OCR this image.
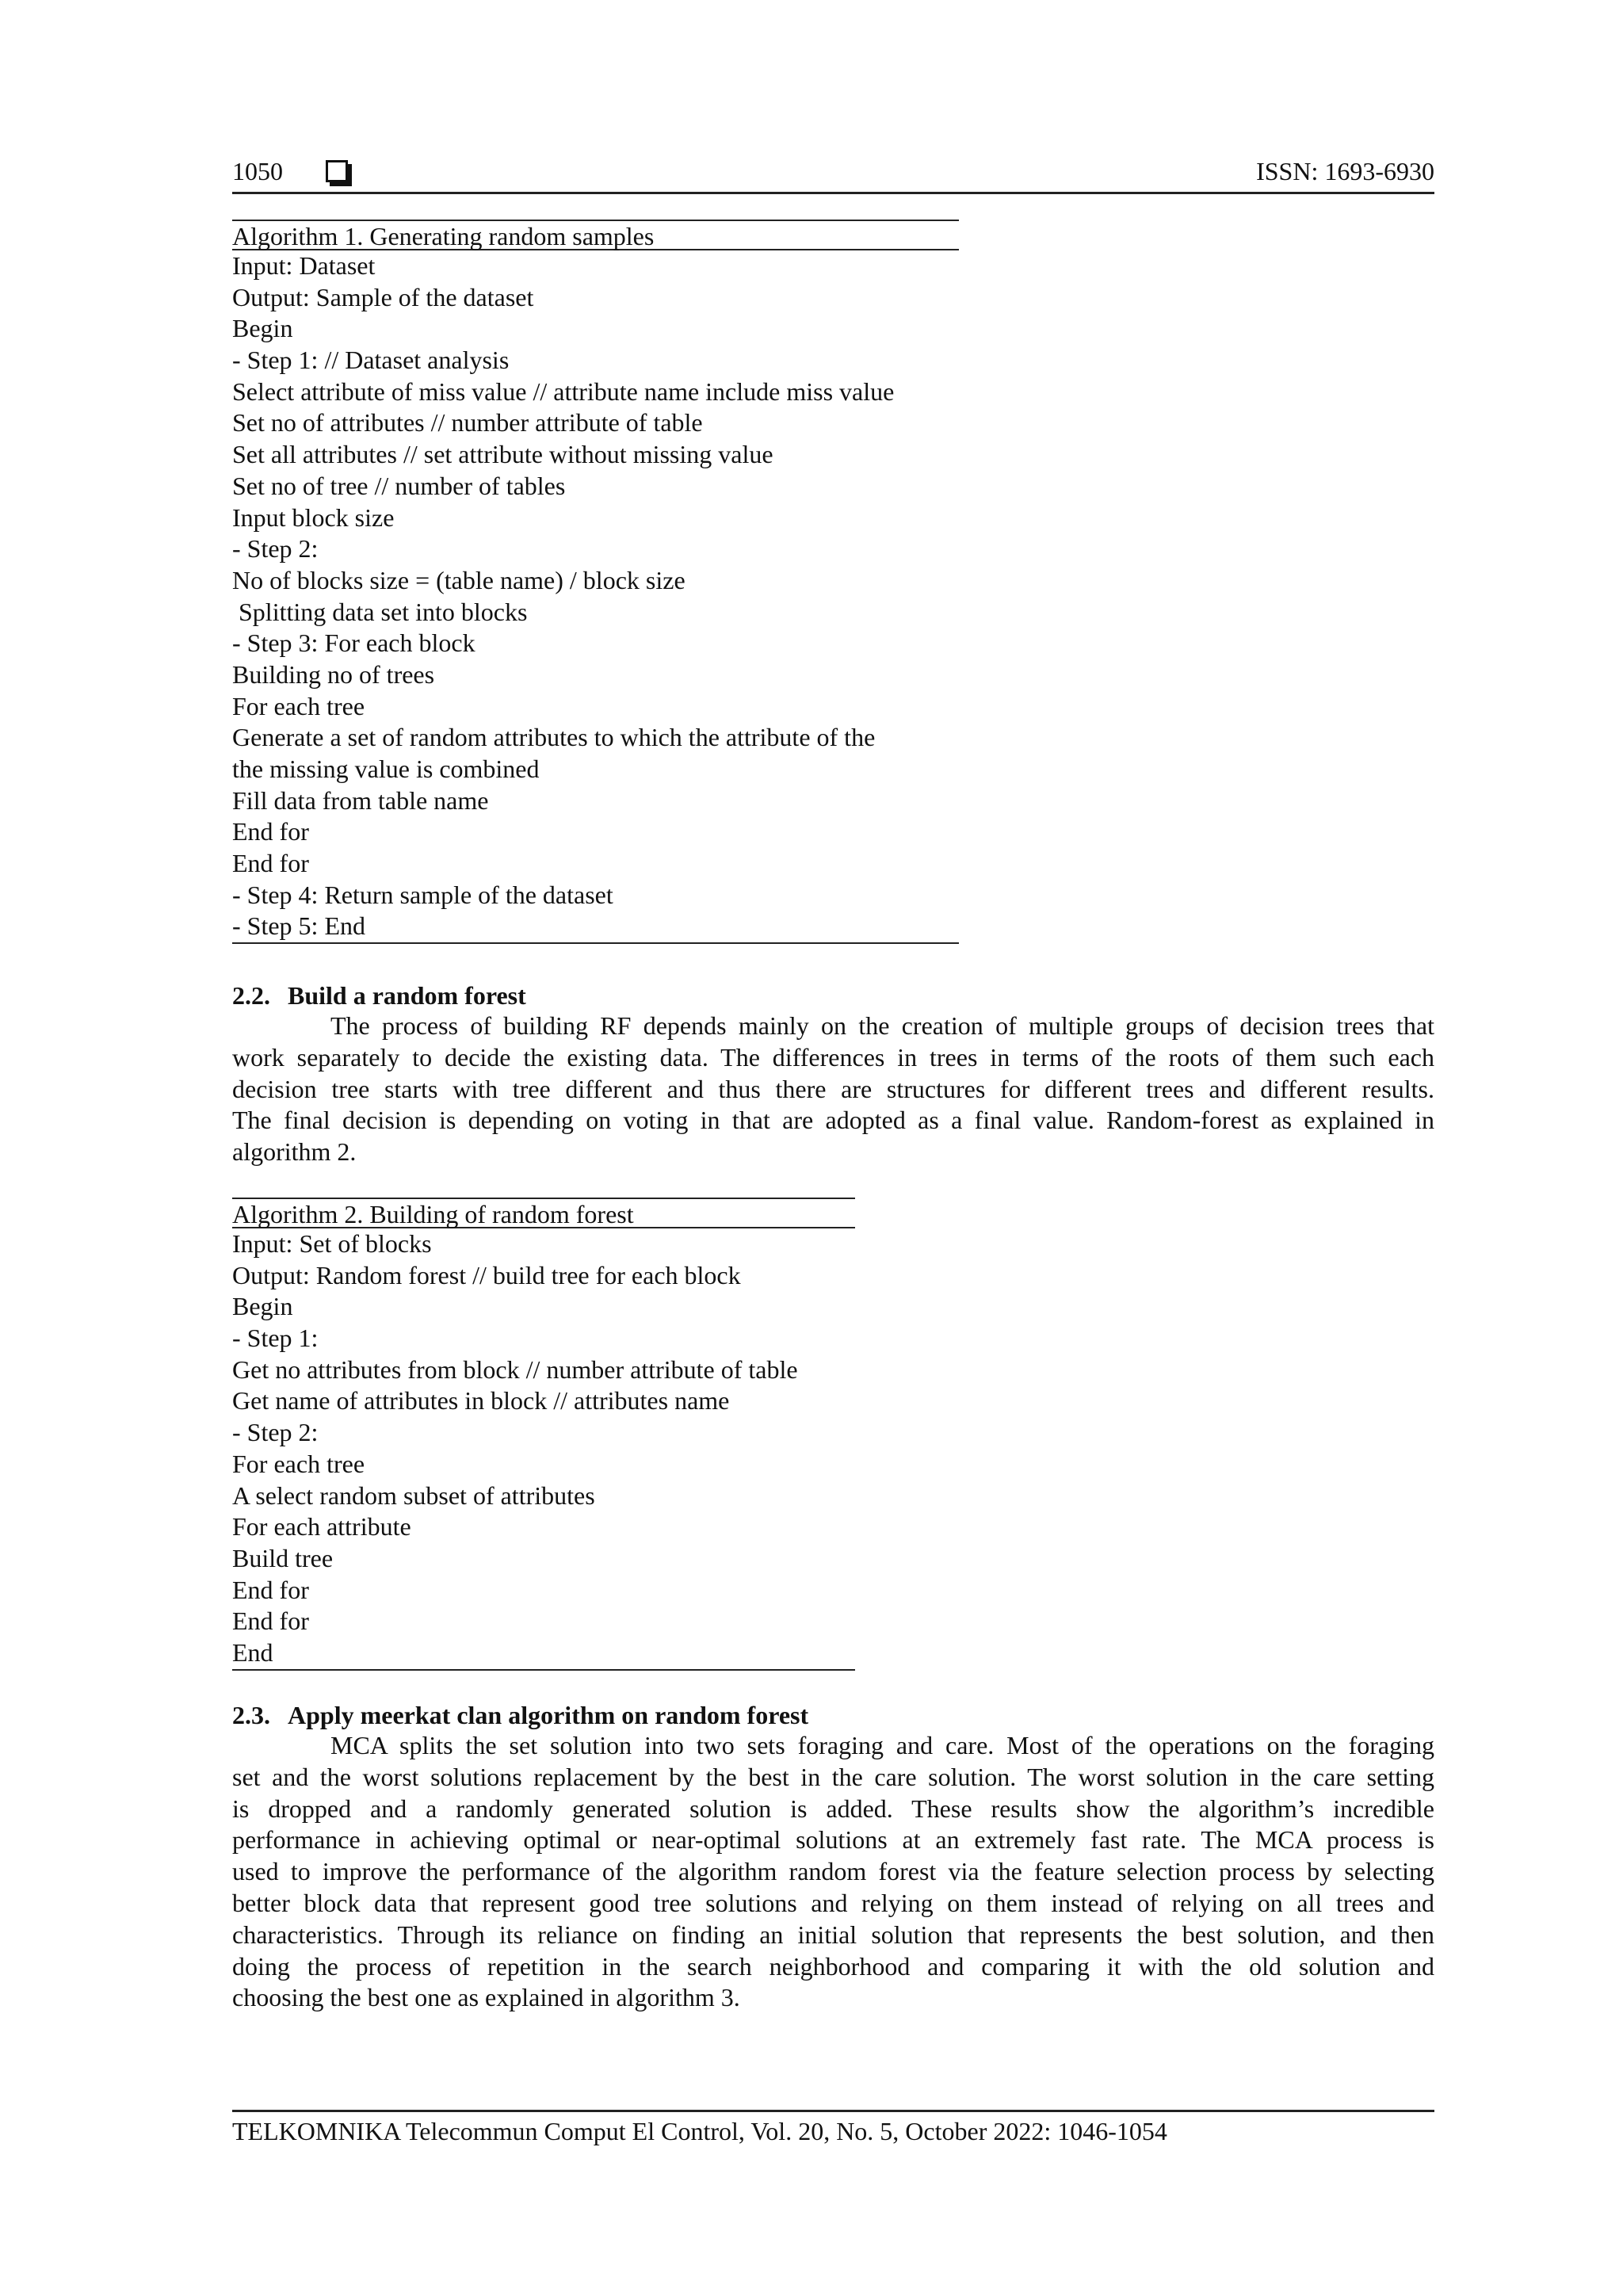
1050	ISSN: 1693-6930
Algorithm 1. Generating random samples
Input: Dataset
Output: Sample of the dataset
Begin
- Step 1: // Dataset analysis
Select attribute of miss value // attribute name include miss value
Set no of attributes // number attribute of table
Set all attributes // set attribute without missing value
Set no of tree // number of tables
Input block size
- Step 2:
No of blocks size = (table name) / block size
Splitting data set into blocks
- Step 3: For each block
Building no of trees
For each tree
Generate a set of random attributes to which the attribute of the
the missing value is combined
Fill data from table name
End for
End for
- Step 4: Return sample of the dataset
- Step 5: End
2.2. Build a random forest
The process of building RF depends mainly on the creation of multiple groups of decision trees that
work separately to decide the existing data. The differences in trees in terms of the roots of them such each
decision tree starts with tree different and thus there are structures for different trees and different results.
The final decision is depending on voting in that are adopted as a final value. Random-forest as explained in
algorithm 2.
Algorithm 2. Building of random forest
Input: Set of blocks
Output: Random forest // build tree for each block
Begin
- Step 1:
Get no attributes from block // number attribute of table
Get name of attributes in block // attributes name
- Step 2:
For each tree
A select random subset of attributes
For each attribute
Build tree
End for
End for
End
2.3. Apply meerkat clan algorithm on random forest
MCA splits the set solution into two sets foraging and care. Most of the operations on the foraging
set and the worst solutions replacement by the best in the care solution. The worst solution in the care setting
is dropped and a randomly generated solution is added. These results show the algorithm’s incredible
performance in achieving optimal or near-optimal solutions at an extremely fast rate. The MCA process is
used to improve the performance of the algorithm random forest via the feature selection process by selecting
better block data that represent good tree solutions and relying on them instead of relying on all trees and
characteristics. Through its reliance on finding an initial solution that represents the best solution, and then
doing the process of repetition in the search neighborhood and comparing it with the old solution and
choosing the best one as explained in algorithm 3.
TELKOMNIKA Telecommun Comput El Control, Vol. 20, No. 5, October 2022: 1046-1054
